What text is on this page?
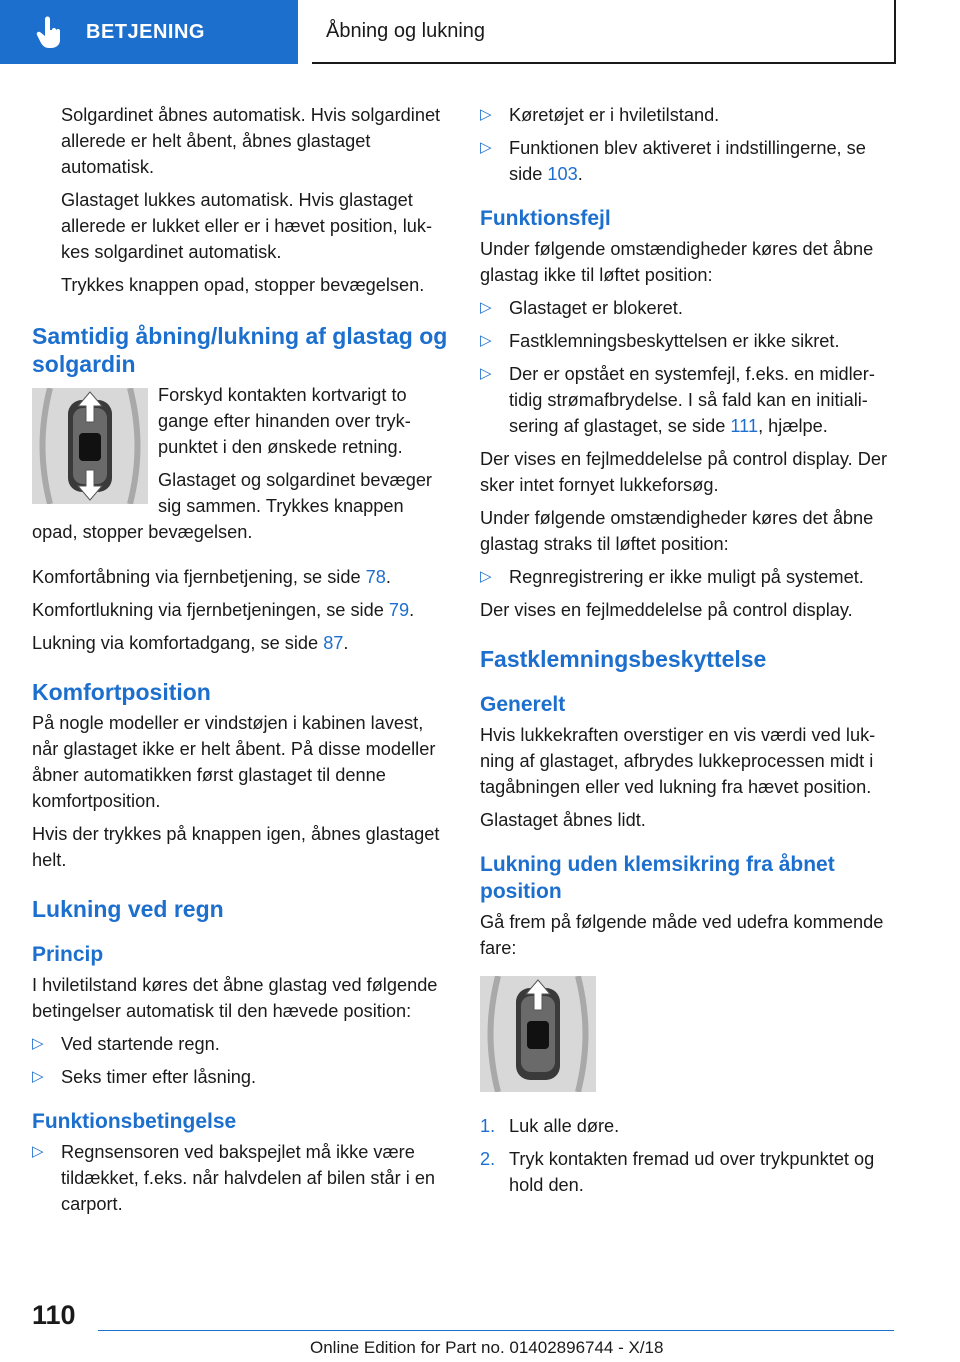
BETJENING	Åbning og lukning

Solgardinet åbnes automatisk. Hvis solgardinet allerede er helt åbent, åbnes glastaget automatisk.

Glastaget lukkes automatisk. Hvis glastaget allerede er lukket eller er i hævet position, lukkes solgardinet automatisk.

Trykkes knappen opad, stopper bevægelsen.

Samtidig åbning/lukning af glastag og solgardin

Forskyd kontakten kortvarigt to gange efter hinanden over trykpunktet i den ønskede retning.

Glastaget og solgardinet bevæger sig sammen. Trykkes knappen opad, stopper bevægelsen.

Komfortåbning via fjernbetjening, se side 78.

Komfortlukning via fjernbetjeningen, se side 79.

Lukning via komfortadgang, se side 87.

Komfortposition

På nogle modeller er vindstøjen i kabinen lavest, når glastaget ikke er helt åbent. På disse modeller åbner automatikken først glastaget til denne komfortposition.

Hvis der trykkes på knappen igen, åbnes glastaget helt.

Lukning ved regn
Princip

I hviletilstand køres det åbne glastag ved følgende betingelser automatisk til den hævede position:

▷ Ved startende regn.
▷ Seks timer efter låsning.
Funktionsbetingelse
▷ Regnsensoren ved bakspejlet må ikke være tildækket, f.eks. når halvdelen af bilen står i en carport.
▷ Køretøjet er i hviletilstand.
▷ Funktionen blev aktiveret i indstillingerne, se side 103.
Funktionsfejl

Under følgende omstændigheder køres det åbne glastag ikke til løftet position:

▷ Glastaget er blokeret.
▷ Fastklemningsbeskyttelsen er ikke sikret.
▷ Der er opstået en systemfejl, f.eks. en midlertidig strømafbrydelse. I så fald kan en initialisering af glastaget, se side 111, hjælpe.

Der vises en fejlmeddelelse på control display. Der sker intet fornyet lukkeforsøg.

Under følgende omstændigheder køres det åbne glastag straks til løftet position:

▷ Regnregistrering er ikke muligt på systemet.

Der vises en fejlmeddelelse på control display.

Fastklemningsbeskyttelse
Generelt

Hvis lukkekraften overstiger en vis værdi ved lukning af glastaget, afbrydes lukkeprocessen midt i tagåbningen eller ved lukning fra hævet position.

Glastaget åbnes lidt.

Lukning uden klemsikring fra åbnet position

Gå frem på følgende måde ved udefra kommende fare:

1. Luk alle døre.
2. Tryk kontakten fremad ud over trykpunktet og hold den.
110
Online Edition for Part no. 01402896744 - X/18
